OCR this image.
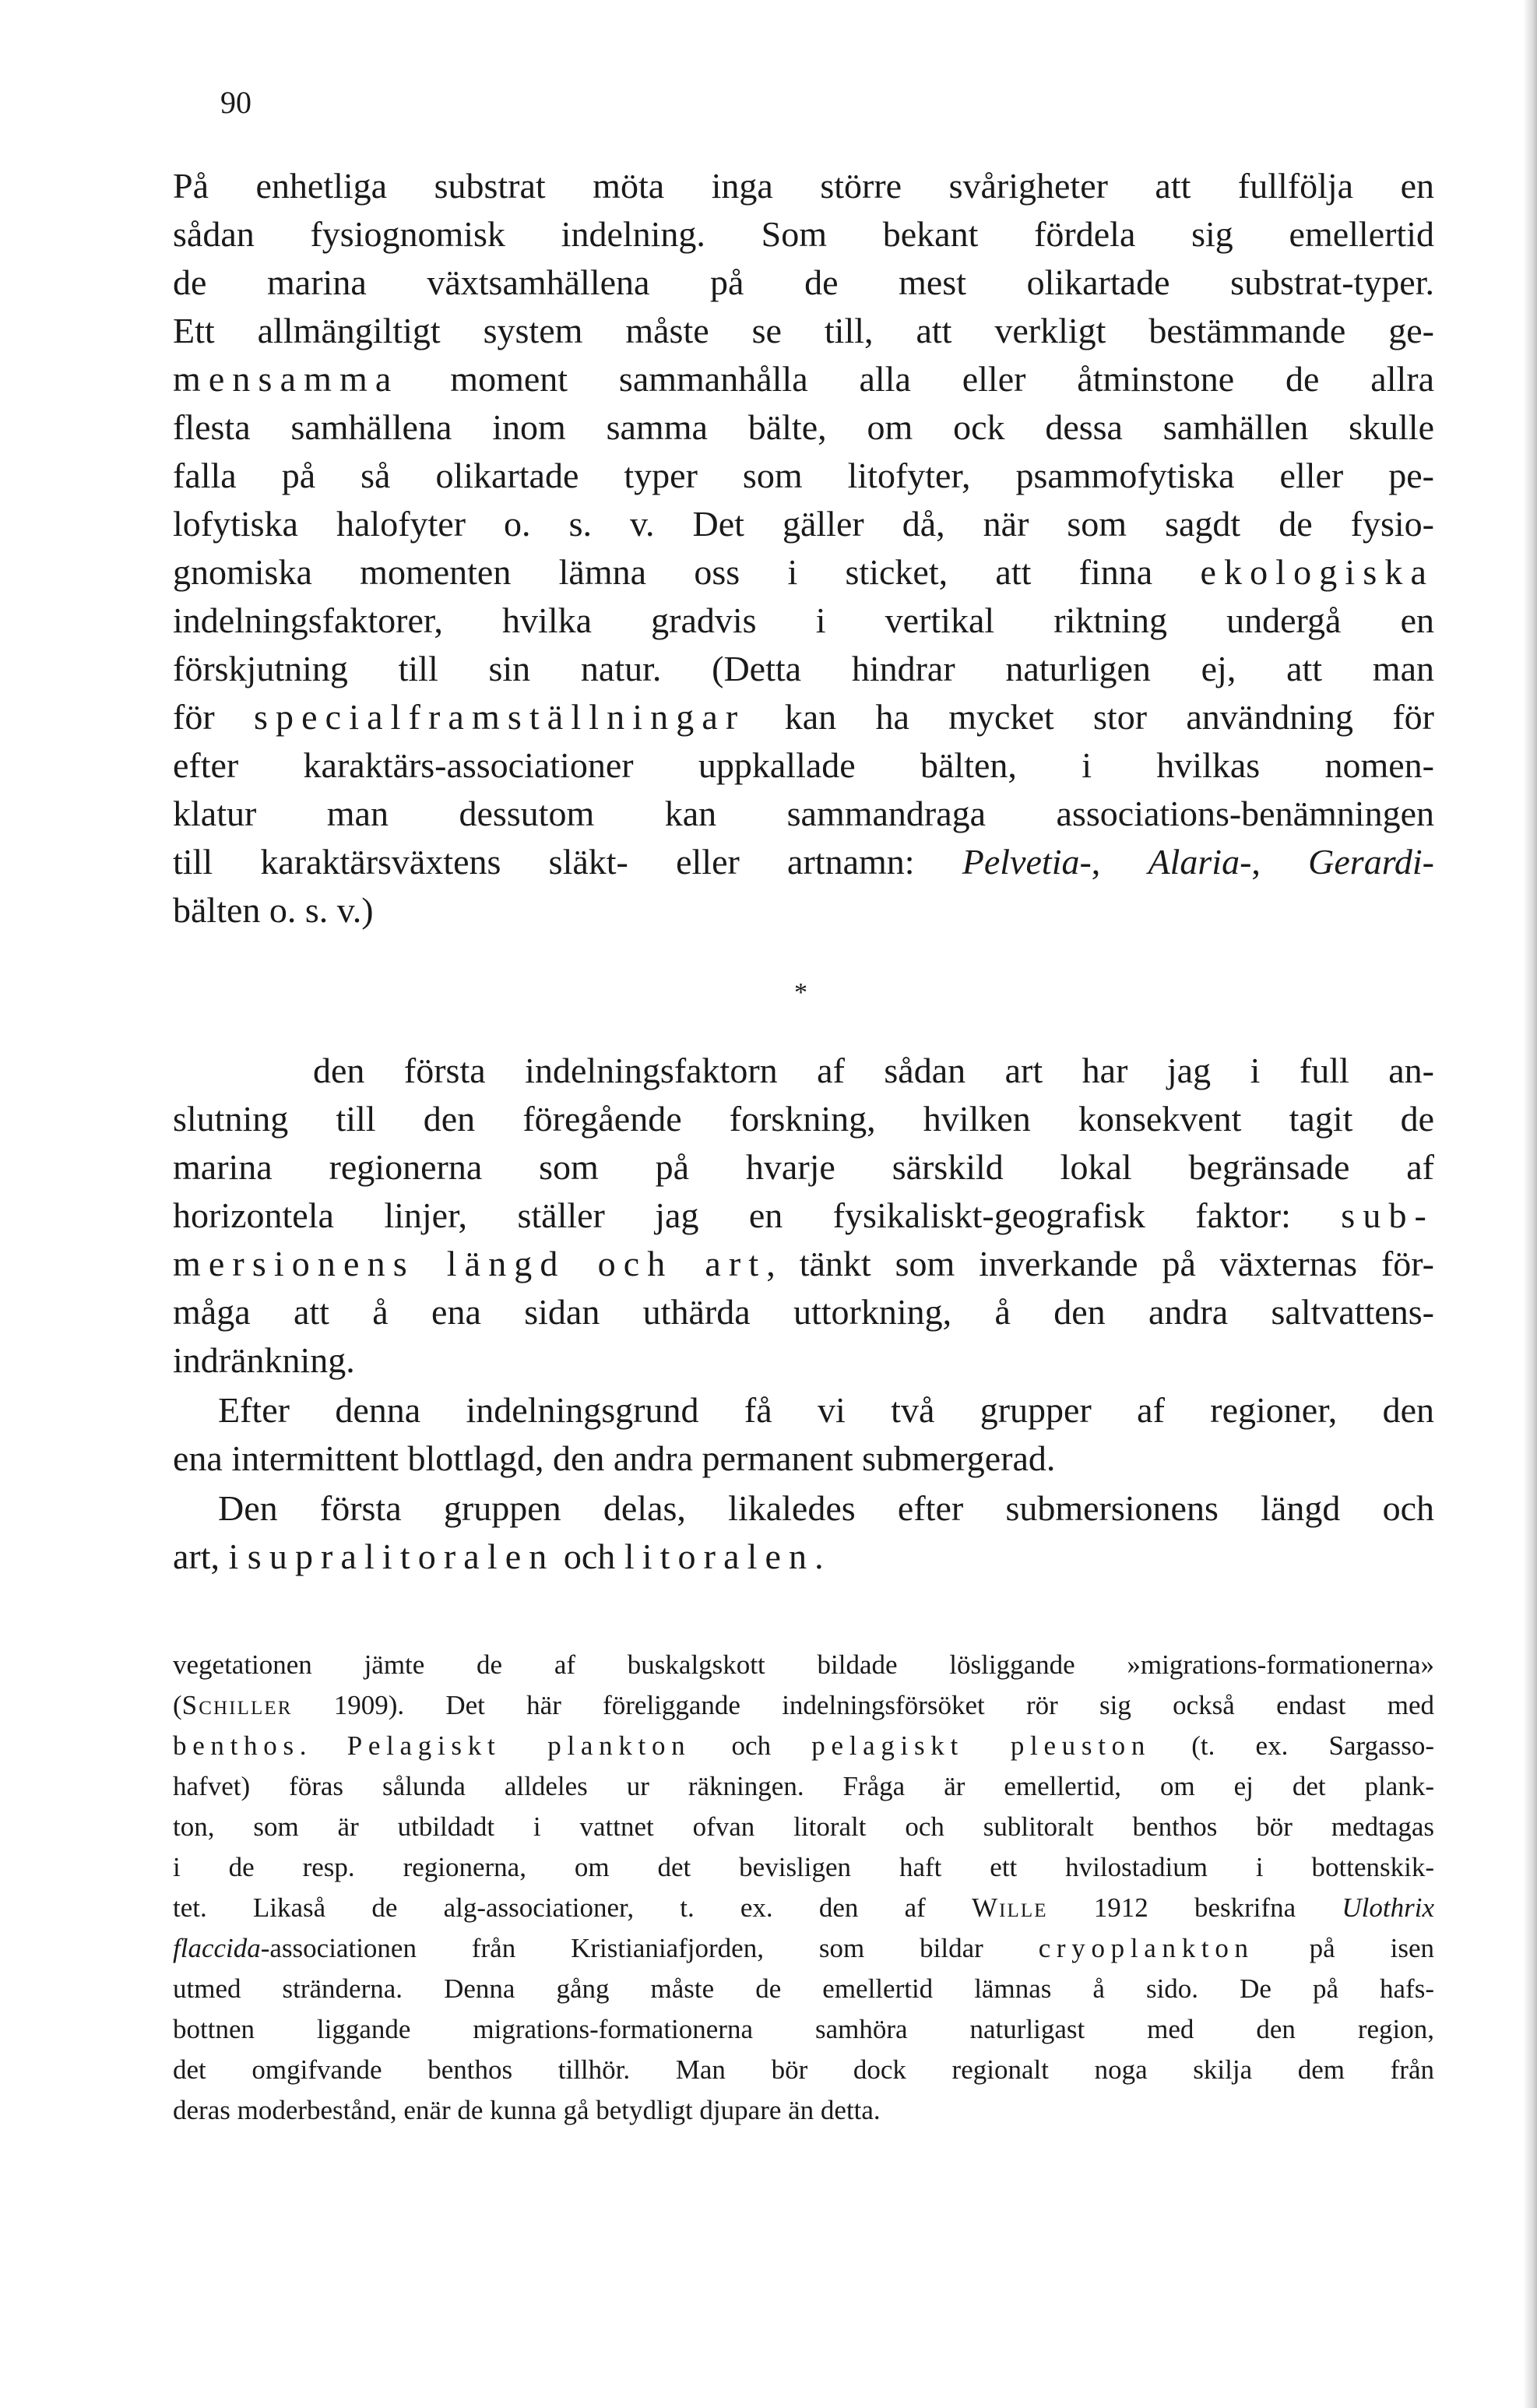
90
På enhetliga substrat möta inga större svårigheter att fullfölja en
sådan fysiognomisk indelning. Som bekant fördela sig emellertid
de marina växtsamhällena på de mest olikartade substrat-typer.
Ett allmängiltigt system måste se till, att verkligt bestämmande ge-
mensamma moment sammanhålla alla eller åtminstone de allra
flesta samhällena inom samma bälte, om ock dessa samhällen skulle
falla på så olikartade typer som litofyter, psammofytiska eller pe-
lofytiska halofyter o. s. v. Det gäller då, när som sagdt de fysio-
gnomiska momenten lämna oss i sticket, att finna ekologiska
indelningsfaktorer, hvilka gradvis i vertikal riktning undergå en
förskjutning till sin natur. (Detta hindrar naturligen ej, att man
för specialframställningar kan ha mycket stor användning för
efter karaktärs-associationer uppkallade bälten, i hvilkas nomen-
klatur man dessutom kan sammandraga associations-benämningen
till karaktärsväxtens släkt- eller artnamn: Pelvetia-, Alaria-, Gerardi-
bälten o. s. v.)
den första indelningsfaktorn af sådan art har jag i full an-
slutning till den föregående forskning, hvilken konsekvent tagit de
marina regionerna som på hvarje särskild lokal begränsade af
horizontela linjer, ställer jag en fysikaliskt-geografisk faktor: sub-
mersionens längd och art, tänkt som inverkande på växternas för-
måga att å ena sidan uthärda uttorkning, å den andra saltvattens-
indränkning.
Efter denna indelningsgrund få vi två grupper af regioner, den
ena intermittent blottlagd, den andra permanent submergerad.
Den första gruppen delas, likaledes efter submersionens längd och
art, i supralitoralen och litoralen.
vegetationen jämte de af buskalgskott bildade lösliggande »migrations-formationerna»
(Schiller 1909). Det här föreliggande indelningsförsöket rör sig också endast med
benthos. Pelagiskt plankton och pelagiskt pleuston (t. ex. Sargasso-
hafvet) föras sålunda alldeles ur räkningen. Fråga är emellertid, om ej det plank-
ton, som är utbildadt i vattnet ofvan litoralt och sublitoralt benthos bör medtagas
i de resp. regionerna, om det bevisligen haft ett hvilostadium i bottenskik-
tet. Likaså de alg-associationer, t. ex. den af Wille 1912 beskrifna Ulothrix
flaccida-associationen från Kristianiafjorden, som bildar cryoplankton på isen
utmed stränderna. Denna gång måste de emellertid lämnas å sido. De på hafs-
bottnen liggande migrations-formationerna samhöra naturligast med den region,
det omgifvande benthos tillhör. Man bör dock regionalt noga skilja dem från
deras moderbestånd, enär de kunna gå betydligt djupare än detta.
*
